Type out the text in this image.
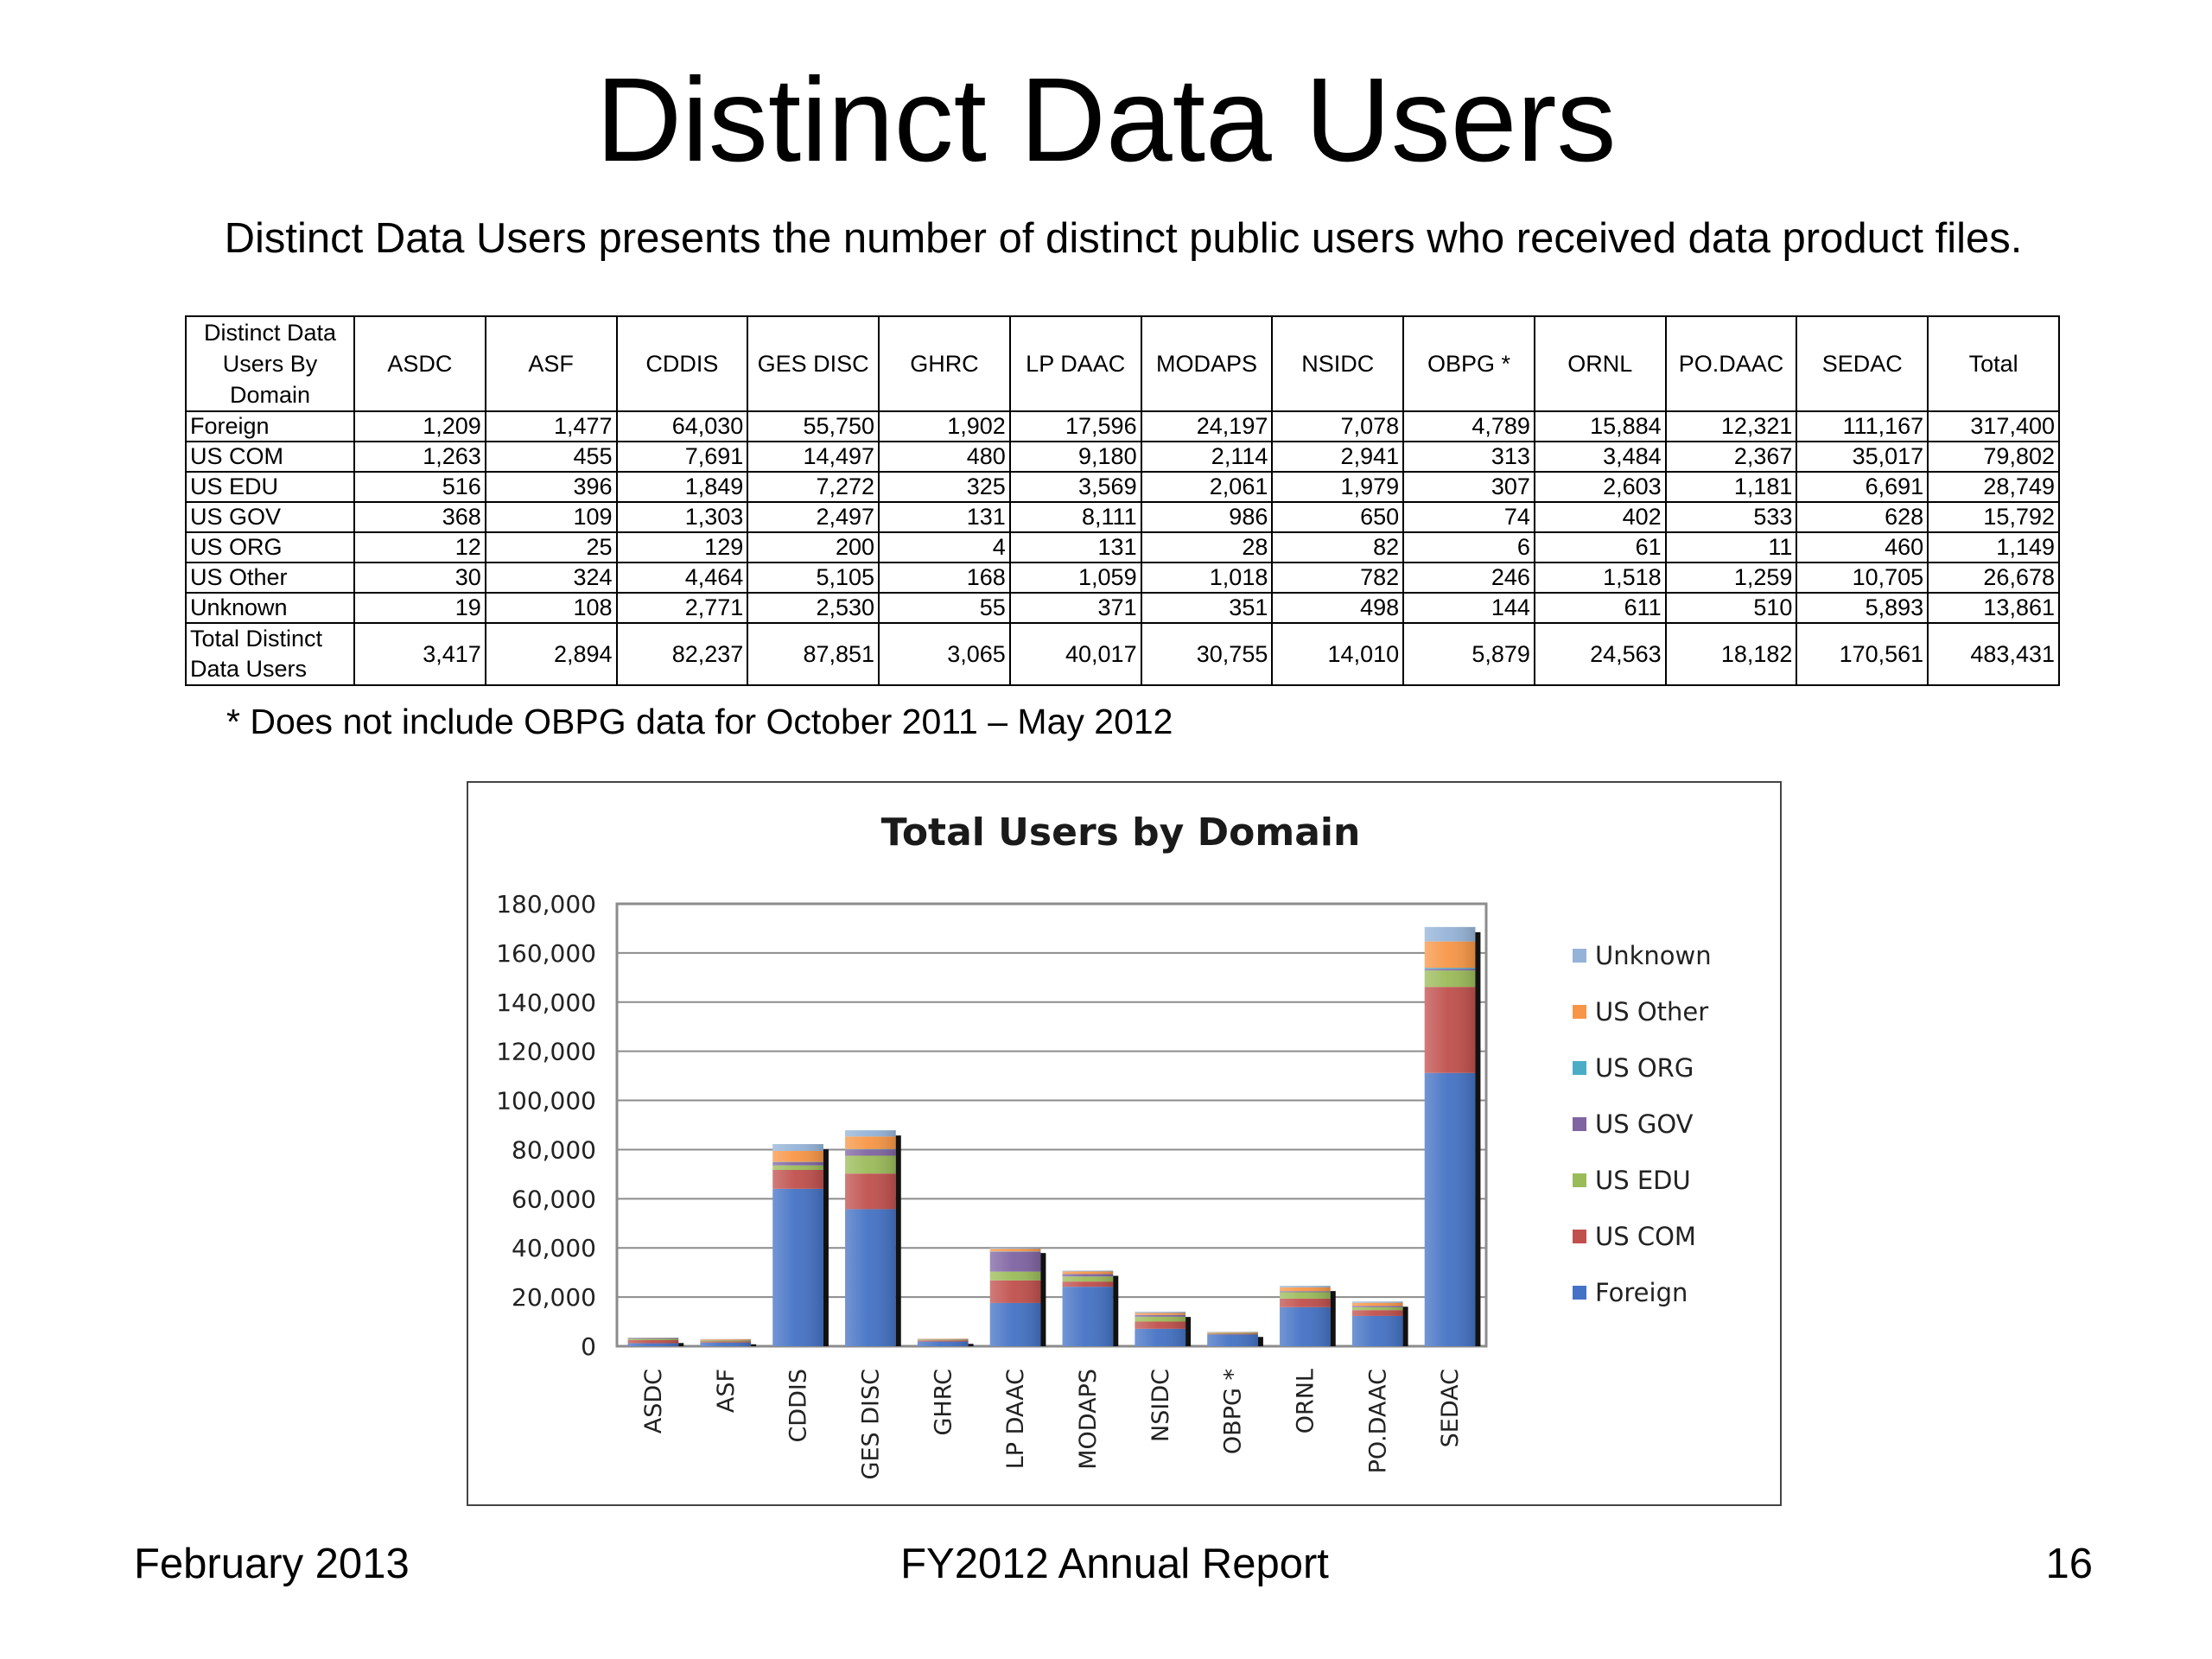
Distinct Data Users
Distinct Data Users presents the number of distinct public users who received data product files.
Distinct Data Users By Domain	ASDC	ASF	CDDIS	GES DISC	GHRC	LP DAAC	MODAPS	NSIDC	OBPG *	ORNL	PO.DAAC	SEDAC	Total
Foreign	1,209	1,477	64,030	55,750	1,902	17,596	24,197	7,078	4,789	15,884	12,321	111,167	317,400
US COM	1,263	455	7,691	14,497	480	9,180	2,114	2,941	313	3,484	2,367	35,017	79,802
US EDU	516	396	1,849	7,272	325	3,569	2,061	1,979	307	2,603	1,181	6,691	28,749
US GOV	368	109	1,303	2,497	131	8,111	986	650	74	402	533	628	15,792
US ORG	12	25	129	200	4	131	28	82	6	61	11	460	1,149
US Other	30	324	4,464	5,105	168	1,059	1,018	782	246	1,518	1,259	10,705	26,678
Unknown	19	108	2,771	2,530	55	371	351	498	144	611	510	5,893	13,861
Total Distinct Data Users	3,417	2,894	82,237	87,851	3,065	40,017	30,755	14,010	5,879	24,563	18,182	170,561	483,431
* Does not include OBPG data for October 2011 – May 2012
Total Users by Domain
0
20,000
40,000
60,000
80,000
100,000
120,000
140,000
160,000
180,000
ASDC ASF CDDIS GES DISC GHRC LP DAAC MODAPS NSIDC OBPG * ORNL PO.DAAC SEDAC
Unknown
US Other
US ORG
US GOV
US EDU
US COM
Foreign
February 2013	FY2012 Annual Report	16
